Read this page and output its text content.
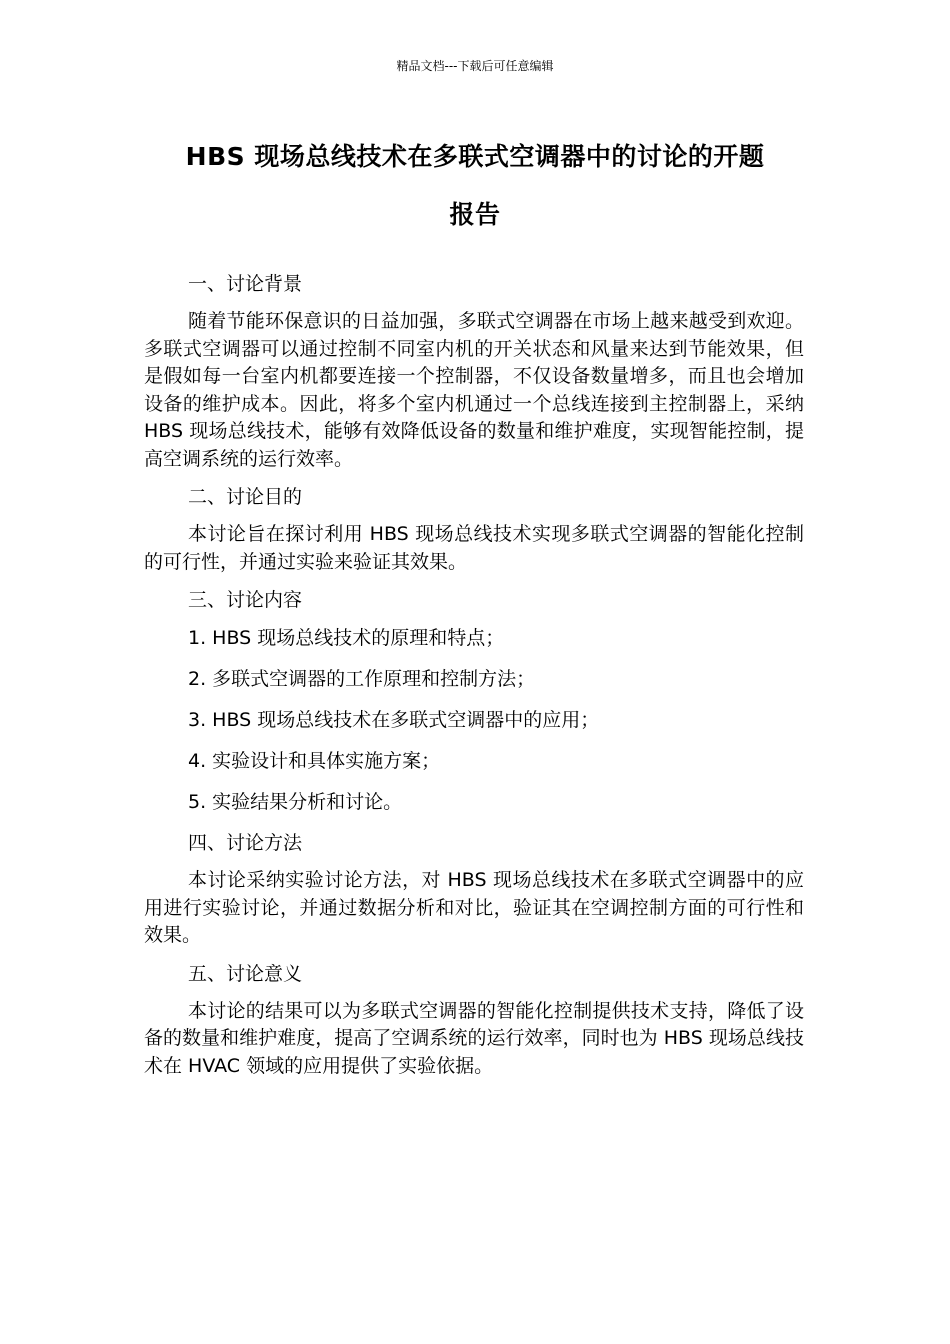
精品文档---下载后可任意编辑
HBS 现场总线技术在多联式空调器中的讨论的开题
报告

一、讨论背景

随着节能环保意识的日益加强，多联式空调器在市场上越来越受到欢迎。多联式空调器可以通过控制不同室内机的开关状态和风量来达到节能效果，但是假如每一台室内机都要连接一个控制器，不仅设备数量增多，而且也会增加设备的维护成本。因此，将多个室内机通过一个总线连接到主控制器上，采纳 HBS 现场总线技术，能够有效降低设备的数量和维护难度，实现智能控制，提高空调系统的运行效率。

二、讨论目的

本讨论旨在探讨利用 HBS 现场总线技术实现多联式空调器的智能化控制的可行性，并通过实验来验证其效果。

三、讨论内容

1. HBS 现场总线技术的原理和特点；

2. 多联式空调器的工作原理和控制方法；

3. HBS 现场总线技术在多联式空调器中的应用；

4. 实验设计和具体实施方案；

5. 实验结果分析和讨论。

四、讨论方法

本讨论采纳实验讨论方法，对 HBS 现场总线技术在多联式空调器中的应用进行实验讨论，并通过数据分析和对比，验证其在空调控制方面的可行性和效果。

五、讨论意义

本讨论的结果可以为多联式空调器的智能化控制提供技术支持，降低了设备的数量和维护难度，提高了空调系统的运行效率，同时也为 HBS 现场总线技术在 HVAC 领域的应用提供了实验依据。
